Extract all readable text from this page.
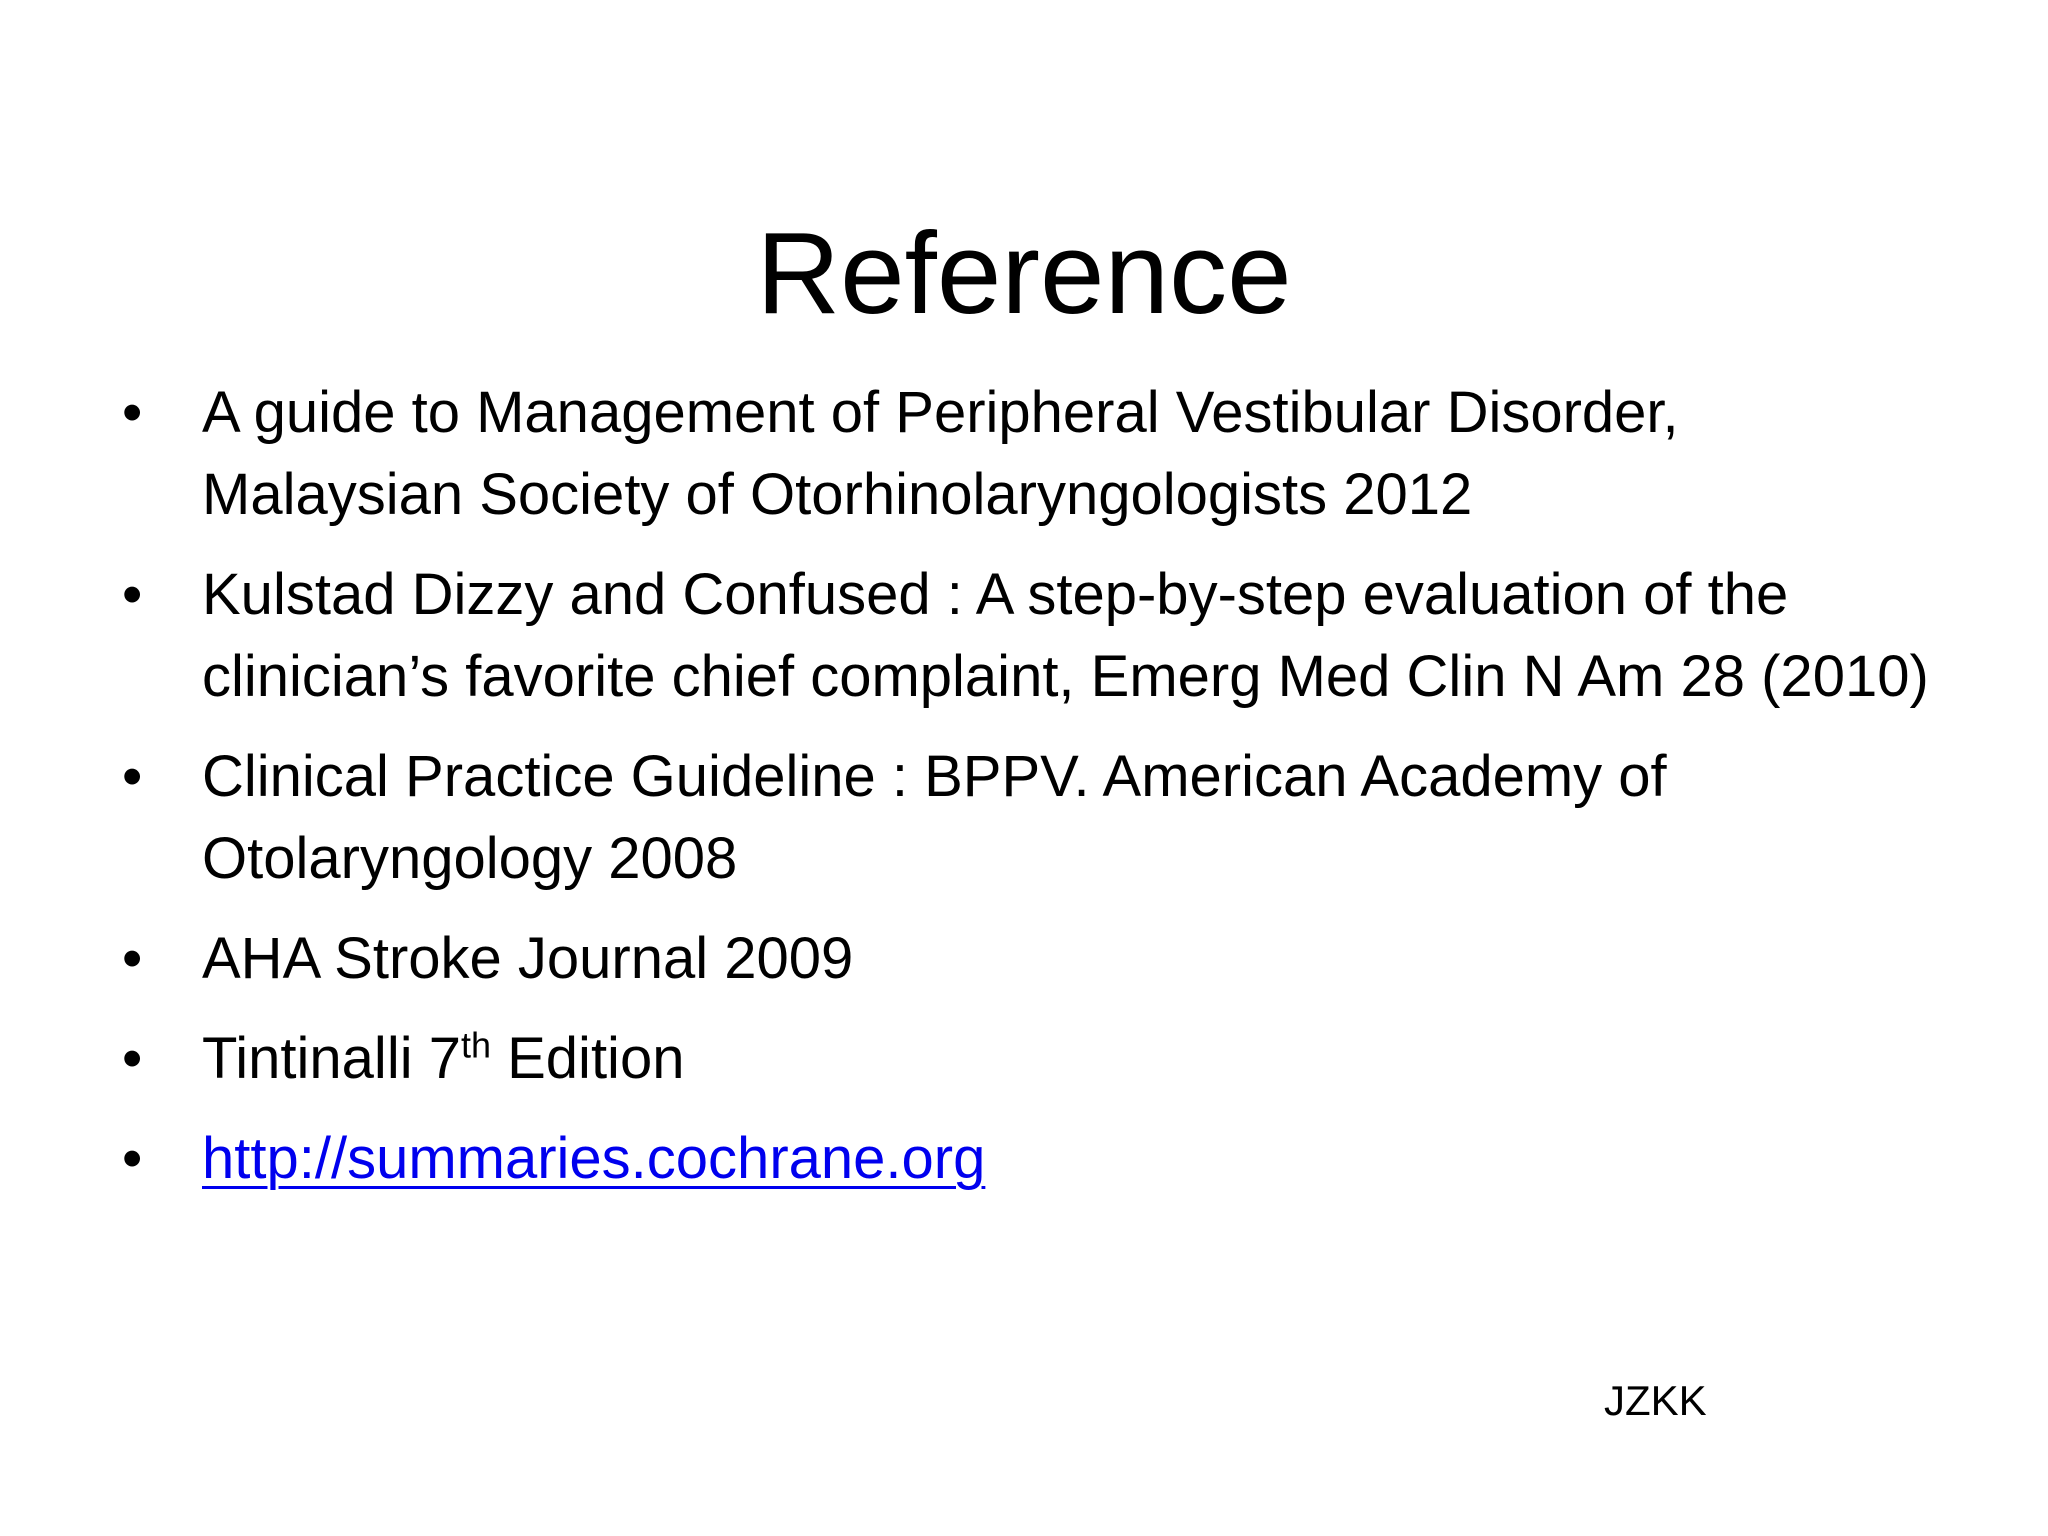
Reference
• A guide to Management of Peripheral Vestibular Disorder, Malaysian Society of Otorhinolaryngologists 2012
• Kulstad Dizzy and Confused : A step-by-step evaluation of the clinician’s favorite chief complaint, Emerg Med Clin N Am 28 (2010)
• Clinical Practice Guideline : BPPV. American Academy of Otolaryngology 2008
• AHA Stroke Journal 2009
• Tintinalli 7th Edition
• http://summaries.cochrane.org
JZKK
